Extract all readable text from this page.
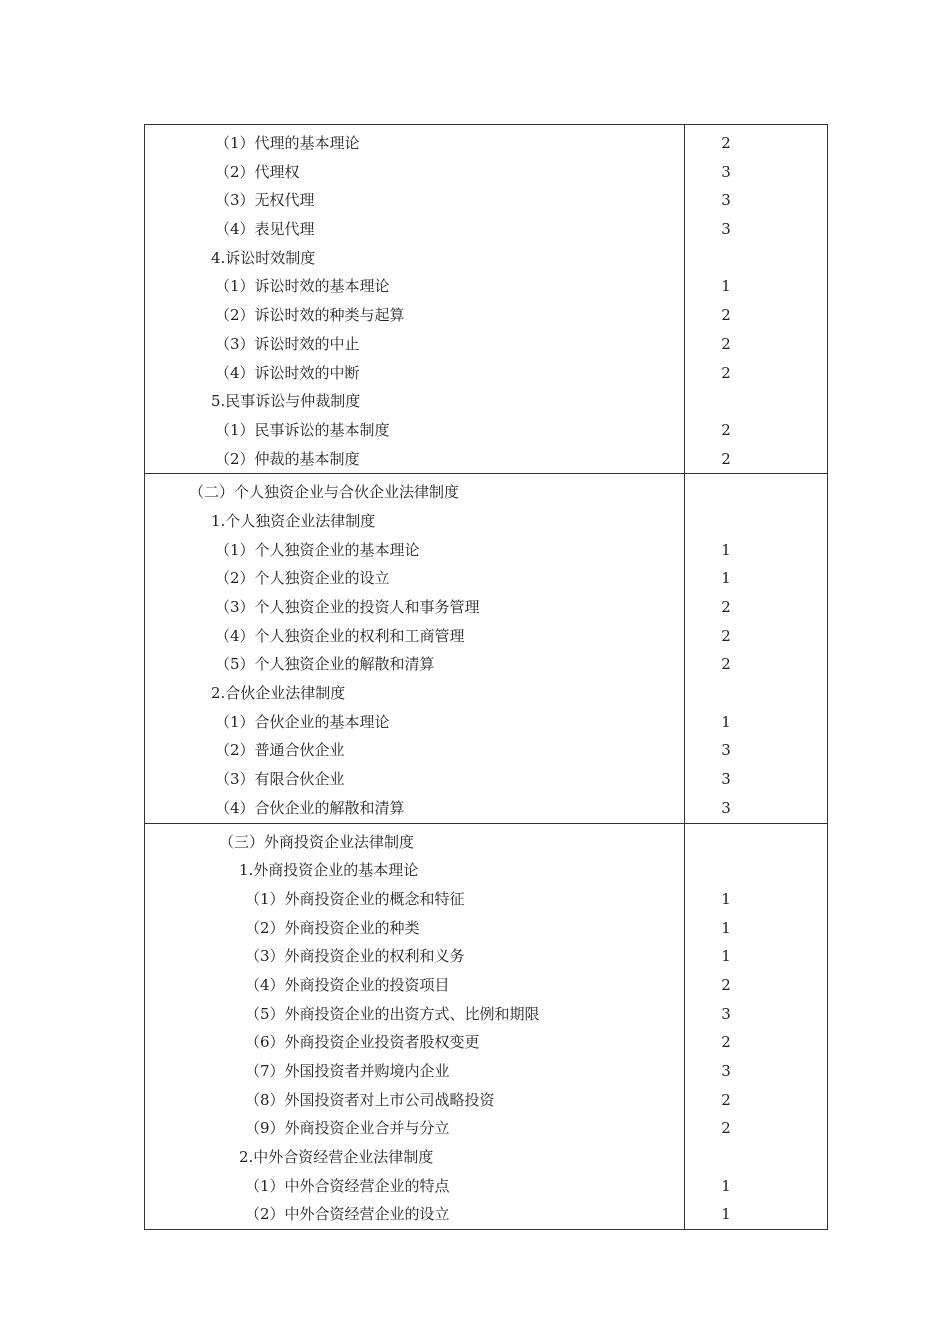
（1）代理的基本理论
（2）代理权
（3）无权代理
（4）表见代理
4.诉讼时效制度
（1）诉讼时效的基本理论
（2）诉讼时效的种类与起算
（3）诉讼时效的中止
（4）诉讼时效的中断
5.民事诉讼与仲裁制度
（1）民事诉讼的基本制度
（2）仲裁的基本制度
2
3
3
3
1
2
2
2
2
2
（二）个人独资企业与合伙企业法律制度
1.个人独资企业法律制度
（1）个人独资企业的基本理论
（2）个人独资企业的设立
（3）个人独资企业的投资人和事务管理
（4）个人独资企业的权利和工商管理
（5）个人独资企业的解散和清算
2.合伙企业法律制度
（1）合伙企业的基本理论
（2）普通合伙企业
（3）有限合伙企业
（4）合伙企业的解散和清算
1
1
2
2
2
1
3
3
3
（三）外商投资企业法律制度
1.外商投资企业的基本理论
（1）外商投资企业的概念和特征
（2）外商投资企业的种类
（3）外商投资企业的权利和义务
（4）外商投资企业的投资项目
（5）外商投资企业的出资方式、比例和期限
（6）外商投资企业投资者股权变更
（7）外国投资者并购境内企业
（8）外国投资者对上市公司战略投资
（9）外商投资企业合并与分立
2.中外合资经营企业法律制度
（1）中外合资经营企业的特点
（2）中外合资经营企业的设立
1
1
1
2
3
2
3
2
2
1
1
